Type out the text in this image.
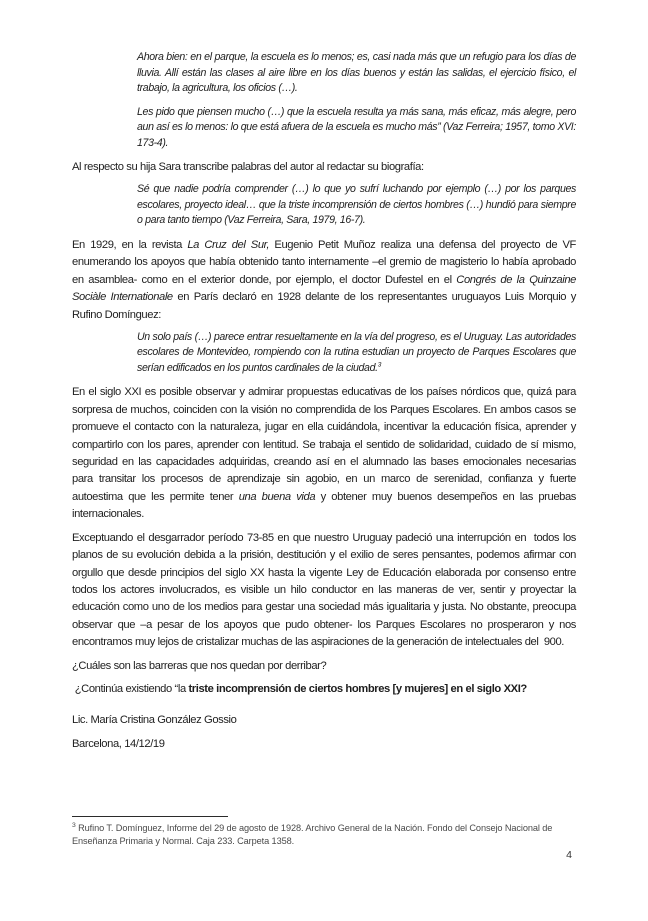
Ahora bien: en el parque, la escuela es lo menos; es, casi nada más que un refugio para los días de lluvia. Allí están las clases al aire libre en los días buenos y están las salidas, el ejercicio físico, el trabajo, la agricultura, los oficios (…).

Les pido que piensen mucho (…) que la escuela resulta ya más sana, más eficaz, más alegre, pero aun así es lo menos: lo que está afuera de la escuela es mucho más” (Vaz Ferreira; 1957, tomo XVI: 173-4).

Al respecto su hija Sara transcribe palabras del autor al redactar su biografía:

Sé que nadie podría comprender (…) lo que yo sufrí luchando por ejemplo (…) por los parques escolares, proyecto ideal… que la triste incomprensión de ciertos hombres (…) hundió para siempre o para tanto tiempo (Vaz Ferreira, Sara, 1979, 16-7).

En 1929, en la revista La Cruz del Sur, Eugenio Petit Muñoz realiza una defensa del proyecto de VF enumerando los apoyos que había obtenido tanto internamente –el gremio de magisterio lo había aprobado en asamblea- como en el exterior donde, por ejemplo, el doctor Dufestel en el Congrés de la Quinzaine Sociàle Internationale en París declaró en 1928 delante de los representantes uruguayos Luis Morquio y Rufino Domínguez:

Un solo país (…) parece entrar resueltamente en la vía del progreso, es el Uruguay. Las autoridades escolares de Montevideo, rompiendo con la rutina estudian un proyecto de Parques Escolares que serían edificados en los puntos cardinales de la ciudad.$^3$

En el siglo XXI es posible observar y admirar propuestas educativas de los países nórdicos que, quizá para sorpresa de muchos, coinciden con la visión no comprendida de los Parques Escolares. En ambos casos se promueve el contacto con la naturaleza, jugar en ella cuidándola, incentivar la educación física, aprender y compartirlo con los pares, aprender con lentitud. Se trabaja el sentido de solidaridad, cuidado de sí mismo, seguridad en las capacidades adquiridas, creando así en el alumnado las bases emocionales necesarias para transitar los procesos de aprendizaje sin agobio, en un marco de serenidad, confianza y fuerte autoestima que les permite tener una buena vida y obtener muy buenos desempeños en las pruebas internacionales.

Exceptuando el desgarrador período 73-85 en que nuestro Uruguay padeció una interrupción en  todos los planos de su evolución debida a la prisión, destitución y el exilio de seres pensantes, podemos afirmar con orgullo que desde principios del siglo XX hasta la vigente Ley de Educación elaborada por consenso entre todos los actores involucrados, es visible un hilo conductor en las maneras de ver, sentir y proyectar la educación como uno de los medios para gestar una sociedad más igualitaria y justa. No obstante, preocupa observar que –a pesar de los apoyos que pudo obtener- los Parques Escolares no prosperaron y nos encontramos muy lejos de cristalizar muchas de las aspiraciones de la generación de intelectuales del  900.

¿Cuáles son las barreras que nos quedan por derribar?

¿Continúa existiendo “la triste incomprensión de ciertos hombres [y mujeres] en el siglo XXI?

Lic. María Cristina González Gossio

Barcelona, 14/12/19

$^3$ Rufino T. Domínguez, Informe del 29 de agosto de 1928. Archivo General de la Nación. Fondo del Consejo Nacional de Enseñanza Primaria y Normal. Caja 233. Carpeta 1358.

4
